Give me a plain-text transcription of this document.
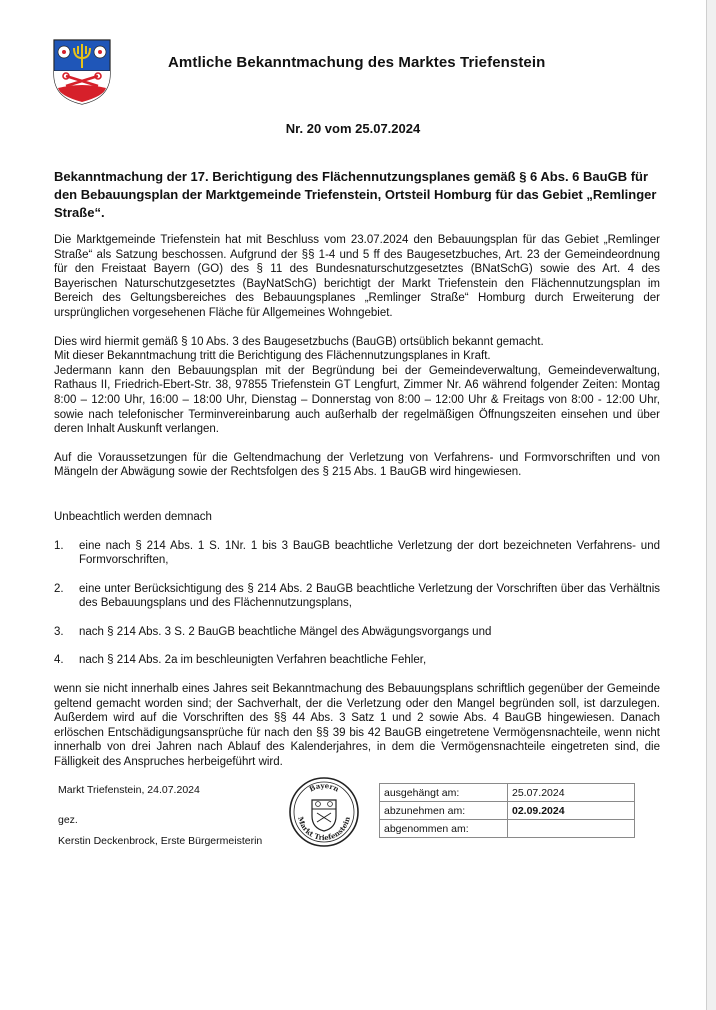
Amtliche Bekanntmachung des Marktes Triefenstein
Nr. 20 vom 25.07.2024
Bekanntmachung der 17. Berichtigung des Flächennutzungsplanes gemäß § 6 Abs. 6 BauGB für den Bebauungsplan der Marktgemeinde Triefenstein, Ortsteil Homburg für das Gebiet „Remlinger Straße“.

Die Marktgemeinde Triefenstein hat mit Beschluss vom 23.07.2024 den Bebauungsplan für das Gebiet „Remlinger Straße“ als Satzung beschossen. Aufgrund der §§ 1-4 und 5 ff des Baugesetzbuches, Art. 23 der Gemeindeordnung für den Freistaat Bayern (GO) des § 11 des Bundesnaturschutzgesetztes (BNatSchG) sowie des Art. 4 des Bayerischen Naturschutzgesetztes (BayNatSchG) berichtigt der Markt Triefenstein den Flächennutzungsplan im Bereich des Geltungsbereiches des Bebauungsplanes „Remlinger Straße“ Homburg durch Erweiterung der ursprünglichen vorgesehenen Fläche für Allgemeines Wohngebiet.

Dies wird hiermit gemäß § 10 Abs. 3 des Baugesetzbuchs (BauGB) ortsüblich bekannt gemacht.

Mit dieser Bekanntmachung tritt die Berichtigung des Flächennutzungsplanes in Kraft.

Jedermann kann den Bebauungsplan mit der Begründung bei der Gemeindeverwaltung, Gemeindeverwaltung, Rathaus II, Friedrich-Ebert-Str. 38, 97855 Triefenstein GT Lengfurt, Zimmer Nr. A6 während folgender Zeiten: Montag 8:00 – 12:00 Uhr, 16:00 – 18:00 Uhr, Dienstag – Donnerstag von 8:00 – 12:00 Uhr & Freitags von 8:00 - 12:00 Uhr, sowie nach telefonischer Terminvereinbarung auch außerhalb der regelmäßigen Öffnungszeiten einsehen und über deren Inhalt Auskunft verlangen.

Auf die Voraussetzungen für die Geltendmachung der Verletzung von Verfahrens- und Formvorschriften und von Mängeln der Abwägung sowie der Rechtsfolgen des § 215 Abs. 1 BauGB wird hingewiesen.

Unbeachtlich werden demnach

1. eine nach § 214 Abs. 1 S. 1Nr. 1 bis 3 BauGB beachtliche Verletzung der dort bezeichneten Verfahrens- und Formvorschriften,
2. eine unter Berücksichtigung des § 214 Abs. 2 BauGB beachtliche Verletzung der Vorschriften über das Verhältnis des Bebauungsplans und des Flächennutzungsplans,
3. nach § 214 Abs. 3 S. 2 BauGB beachtliche Mängel des Abwägungsvorgangs und
4. nach § 214 Abs. 2a im beschleunigten Verfahren beachtliche Fehler,

wenn sie nicht innerhalb eines Jahres seit Bekanntmachung des Bebauungsplans schriftlich gegenüber der Gemeinde geltend gemacht worden sind; der Sachverhalt, der die Verletzung oder den Mangel begründen soll, ist darzulegen. Außerdem wird auf die Vorschriften des §§ 44 Abs. 3 Satz 1 und 2 sowie Abs. 4 BauGB hingewiesen. Danach erlöschen Entschädigungsansprüche für nach den §§ 39 bis 42 BauGB eingetretene Vermögensnachteile, wenn nicht innerhalb von drei Jahren nach Ablauf des Kalenderjahres, in dem die Vermögensnachteile eingetreten sind, die Fälligkeit des Anspruches herbeigeführt wird.

Markt Triefenstein, 24.07.2024
gez.
Kerstin Deckenbrock, Erste Bürgermeisterin
Bayern
Markt Triefenstein
ausgehängt am:	25.07.2024
abzunehmen am:	02.09.2024
abgenommen am:	
